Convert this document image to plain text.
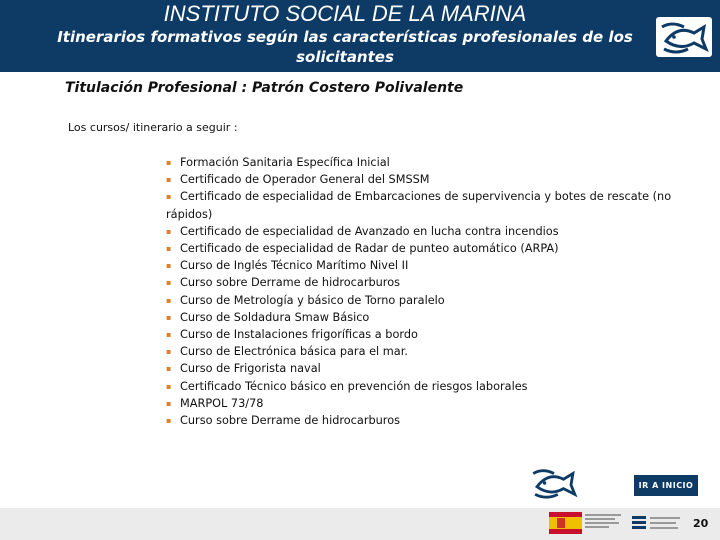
INSTITUTO SOCIAL DE LA MARINA
Itinerarios formativos según las características profesionales de los solicitantes
Titulación Profesional : Patrón Costero Polivalente
Los cursos/ itinerario a seguir :
▪ Formación Sanitaria Específica Inicial
▪ Certificado de Operador General del SMSSM
▪ Certificado de especialidad de Embarcaciones de supervivencia y botes de rescate (no rápidos)
▪ Certificado de especialidad de Avanzado en lucha contra incendios
▪ Certificado de especialidad de Radar de punteo automático (ARPA)
▪ Curso de Inglés Técnico Marítimo Nivel II
▪ Curso sobre Derrame de hidrocarburos
▪ Curso de Metrología y básico de Torno paralelo
▪ Curso de Soldadura Smaw Básico
▪ Curso de Instalaciones frigoríficas a bordo
▪ Curso de Electrónica básica para el mar.
▪ Curso de Frigorista naval
▪ Certificado Técnico básico en prevención de riesgos laborales
▪ MARPOL 73/78
▪ Curso sobre Derrame de hidrocarburos
IR A INICIO
20
